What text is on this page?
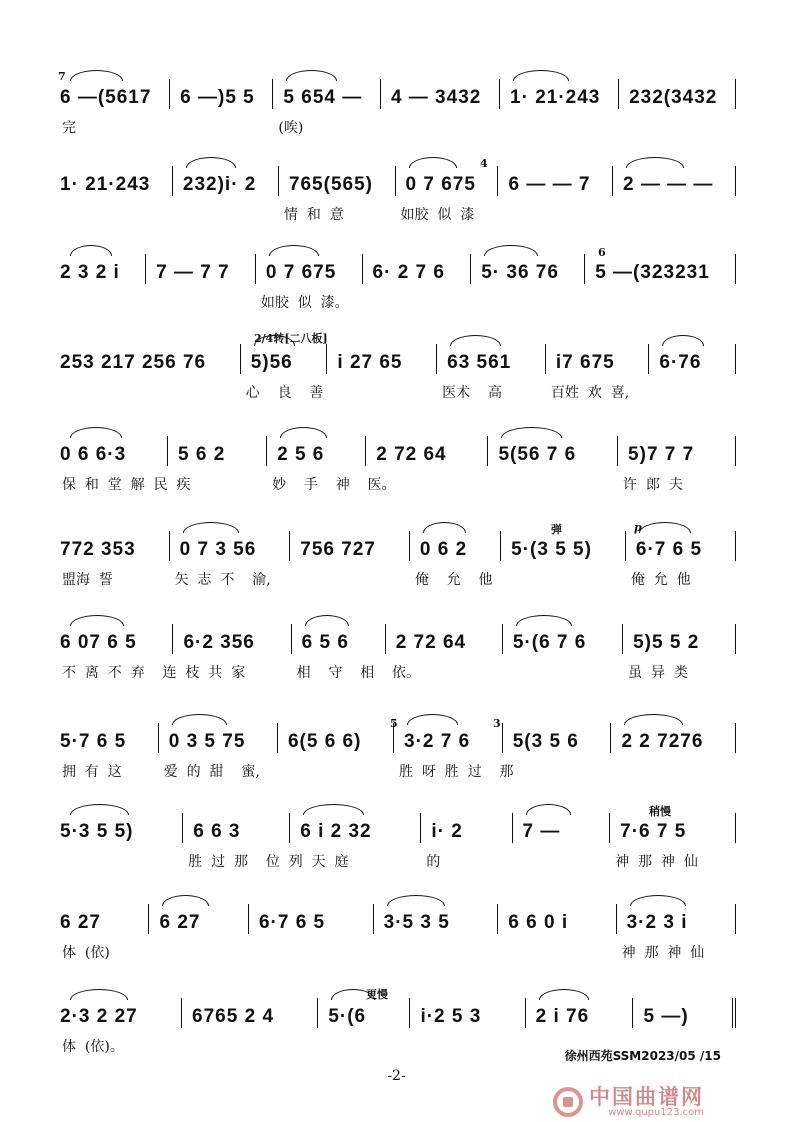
6 —(5617	6 —)5 5	5 654 —	4 — 3432	1· 21·243	232(3432
完	(唉)
1· 21·243	232)i· 2	765(565)	0 7 675	6 — — 7	2 — — —
情  和  意	如胶  似  漆
2 3 2 i	7 — 7 7	0 7 675	6· 2 7 6	5· 36 76	5 —(323231
如胶  似  漆。
253 217 256 76	5)56	i 27 65	63 561	i7 675	6·76
心    良    善	医术    高	百姓  欢  喜,
0 6 6·3	5 6 2	2 5 6	2 72 64	5(56 7 6	5)7 7 7
保  和  堂  解  民  疾	妙    手    神    医。	许  郎  夫
772 353	0 7 3 56	756 727	0 6 2	5·(3 5 5)	6·7 6 5
盟海  誓	矢  志  不    渝,	俺    允    他	俺  允  他
6 07 6 5	6·2 356	6 5 6	2 72 64	5·(6 7 6	5)5 5 2
不  离  不  弃    连  枝  共  家	相    守    相    依。	虽  异  类
5·7 6 5	0 3 5 75	6(5 6 6)	3·2 7 6	5(3 5 6	2 2 7276
拥  有  这	爱  的  甜    蜜,	胜  呀  胜  过    那
5·3 5 5)	6 6 3	6 i 2 32	i· 2	7 —	7·6 7 5
胜  过  那    位  列  天  庭	的	神  那  神  仙
6 27	6 27	6·7 6 5	3·5 3 5	6 6 0 i	3·2 3 i
体  (依)	神  那  神  仙
2·3 2 27	6765 2 4	5·(6	i·2 5 3	2 i 76	5 —)
体  (依)。
7
4
6
2/4转[二八板]
弹	p
5	3
稍慢
更慢
徐州西苑SSM2023/05 /15
-2-
中国曲谱网
www.qupu123.com
